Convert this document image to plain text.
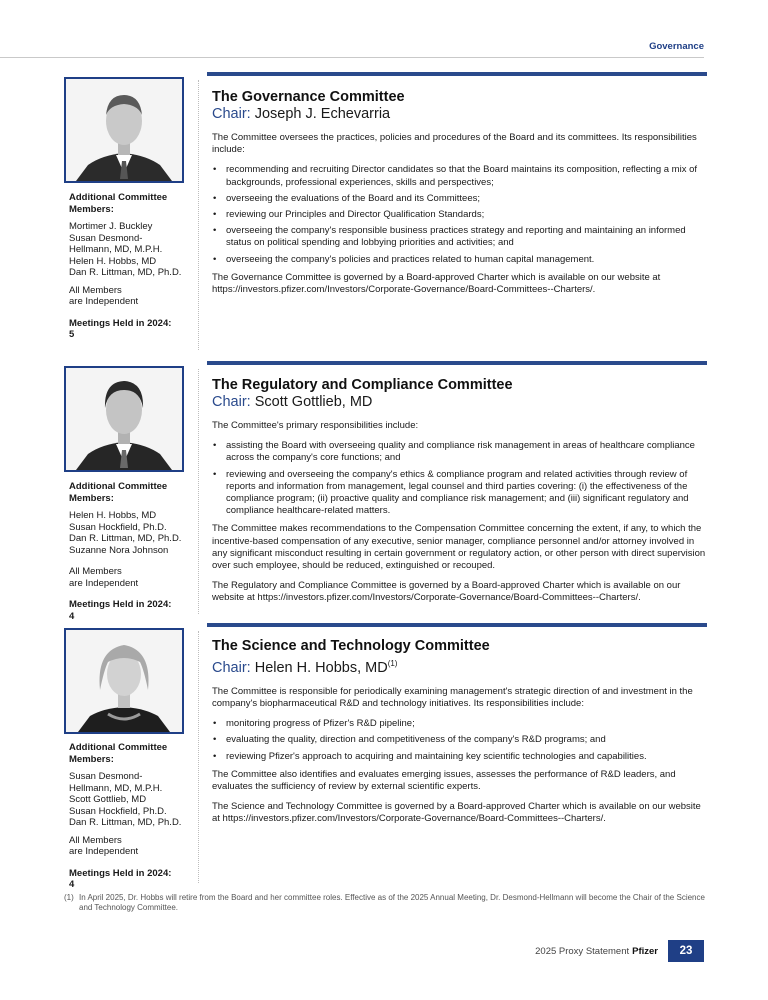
Governance

Additional Committee Members:

Mortimer J. Buckley
Susan Desmond-
Hellmann, MD, M.P.H.
Helen H. Hobbs, MD
Dan R. Littman, MD, Ph.D.

All Members
are Independent

Meetings Held in 2024:
5

The Governance Committee
Chair: Joseph J. Echevarria

The Committee oversees the practices, policies and procedures of the Board and its committees. Its responsibilities include:

• recommending and recruiting Director candidates so that the Board maintains its composition, reflecting a mix of backgrounds, professional experiences, skills and perspectives;
• overseeing the evaluations of the Board and its Committees;
• reviewing our Principles and Director Qualification Standards;
• overseeing the company's responsible business practices strategy and reporting and maintaining an informed status on political spending and lobbying priorities and activities; and
• overseeing the company's policies and practices related to human capital management.

The Governance Committee is governed by a Board-approved Charter which is available on our website at https://investors.pfizer.com/Investors/Corporate-Governance/Board-Committees--Charters/.

Additional Committee Members:

Helen H. Hobbs, MD
Susan Hockfield, Ph.D.
Dan R. Littman, MD, Ph.D.
Suzanne Nora Johnson

All Members
are Independent

Meetings Held in 2024:
4

The Regulatory and Compliance Committee
Chair: Scott Gottlieb, MD

The Committee's primary responsibilities include:

• assisting the Board with overseeing quality and compliance risk management in areas of healthcare compliance across the company's core functions; and
• reviewing and overseeing the company's ethics & compliance program and related activities through review of reports and information from management, legal counsel and third parties covering: (i) the effectiveness of the compliance program; (ii) proactive quality and compliance risk management; and (iii) significant regulatory and compliance healthcare-related matters.

The Committee makes recommendations to the Compensation Committee concerning the extent, if any, to which the incentive-based compensation of any executive, senior manager, compliance personnel and/or attorney involved in any significant misconduct resulting in certain government or regulatory action, or other person with direct supervision over such employee, should be reduced, extinguished or recouped.

The Regulatory and Compliance Committee is governed by a Board-approved Charter which is available on our website at https://investors.pfizer.com/Investors/Corporate-Governance/Board-Committees--Charters/.

Additional Committee Members:

Susan Desmond-
Hellmann, MD, M.P.H.
Scott Gottlieb, MD
Susan Hockfield, Ph.D.
Dan R. Littman, MD, Ph.D.

All Members
are Independent

Meetings Held in 2024:
4

The Science and Technology Committee
Chair: Helen H. Hobbs, MD$^{(1)}$

The Committee is responsible for periodically examining management's strategic direction of and investment in the company's biopharmaceutical R&D and technology initiatives. Its responsibilities include:

• monitoring progress of Pfizer's R&D pipeline;
• evaluating the quality, direction and competitiveness of the company's R&D programs; and
• reviewing Pfizer's approach to acquiring and maintaining key scientific technologies and capabilities.

The Committee also identifies and evaluates emerging issues, assesses the performance of R&D leaders, and evaluates the sufficiency of review by external scientific experts.

The Science and Technology Committee is governed by a Board-approved Charter which is available on our website at https://investors.pfizer.com/Investors/Corporate-Governance/Board-Committees--Charters/.

(1) In April 2025, Dr. Hobbs will retire from the Board and her committee roles. Effective as of the 2025 Annual Meeting, Dr. Desmond-Hellmann will become the Chair of the Science and Technology Committee.
2025 Proxy Statement Pfizer	23
